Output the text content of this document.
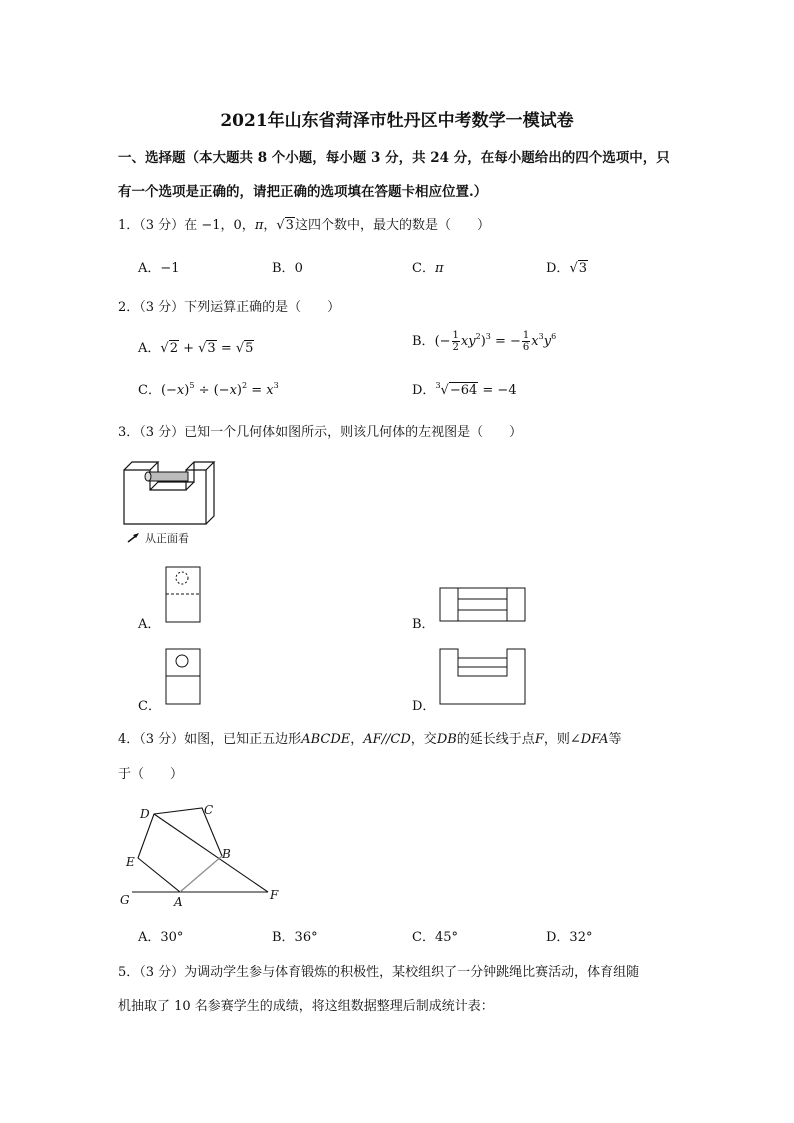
2021年山东省菏泽市牡丹区中考数学一模试卷
一、选择题（本大题共 8 个小题，每小题 3 分，共 24 分，在每小题给出的四个选项中，只
有一个选项是正确的，请把正确的选项填在答题卡相应位置.）
1．（3 分）在 −1，0，π，√3这四个数中，最大的数是（　　）
A．−1	B．0	C．π	D．√3
2．（3 分）下列运算正确的是（　　）
A．√2 + √3 = √5	B．(− $\frac{1}{2} xy^2)^3$ = − $\frac{1}{6} x^3y^6$
C．$(-x)^5 \div (-x)^2 = x^3$	D．$^3$√−64 = −4
3．（3 分）已知一个几何体如图所示，则该几何体的左视图是（　　）
从正面看
A．	B．
C．	D．
4．（3 分）如图，已知正五边形ABCDE，AF//CD，交DB的延长线于点F，则∠DFA等
于（　　）
D	C
E
B
G	A	F
A．30°	B．36°	C．45°	D．32°
5．（3 分）为调动学生参与体育锻炼的积极性，某校组织了一分钟跳绳比赛活动，体育组随
机抽取了 10 名参赛学生的成绩，将这组数据整理后制成统计表：
